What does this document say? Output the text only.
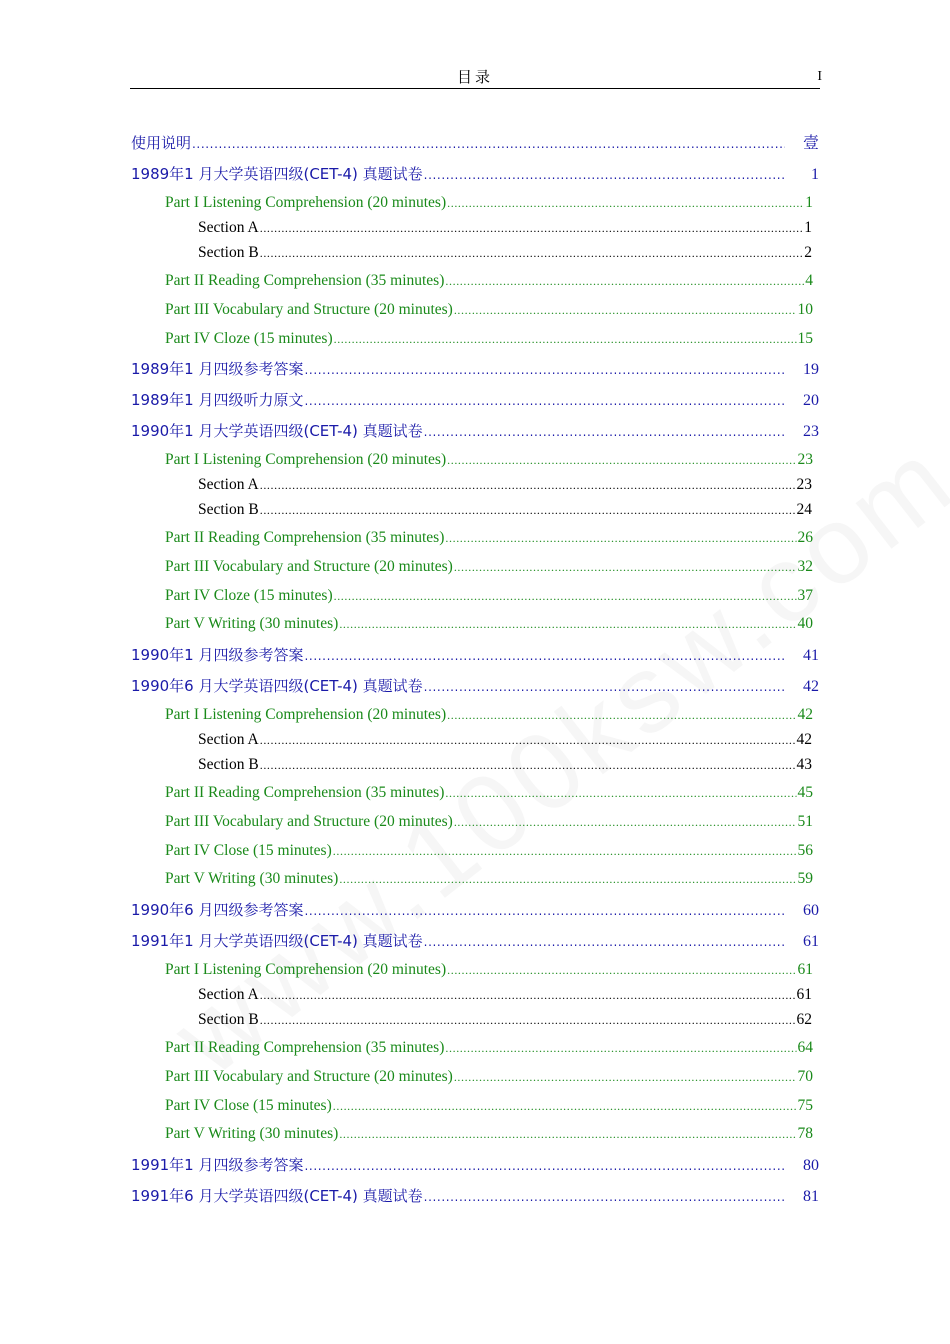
目录	I
使用说明 .....	壹
1989年1 月大学英语四级(CET-4) 真题试卷 .....	1
Part I Listening Comprehension (20 minutes) .....	1
Section A .....	1
Section B .....	2
Part II Reading Comprehension (35 minutes) .....	4
Part III Vocabulary and Structure (20 minutes) .....	10
Part IV Cloze (15 minutes) .....	15
1989年1 月四级参考答案 .....	19
1989年1 月四级听力原文 .....	20
1990年1 月大学英语四级(CET-4) 真题试卷 .....	23
Part I Listening Comprehension (20 minutes) .....	23
Section A .....	23
Section B .....	24
Part II Reading Comprehension (35 minutes) .....	26
Part III Vocabulary and Structure (20 minutes) .....	32
Part IV Cloze (15 minutes) .....	37
Part V Writing (30 minutes) .....	40
1990年1 月四级参考答案 .....	41
1990年6 月大学英语四级(CET-4) 真题试卷 .....	42
Part I Listening Comprehension (20 minutes) .....	42
Section A .....	42
Section B .....	43
Part II Reading Comprehension (35 minutes) .....	45
Part III Vocabulary and Structure (20 minutes) .....	51
Part IV Close (15 minutes) .....	56
Part V Writing (30 minutes) .....	59
1990年6 月四级参考答案 .....	60
1991年1 月大学英语四级(CET-4) 真题试卷 .....	61
Part I Listening Comprehension (20 minutes) .....	61
Section A .....	61
Section B .....	62
Part II Reading Comprehension (35 minutes) .....	64
Part III Vocabulary and Structure (20 minutes) .....	70
Part IV Close (15 minutes) .....	75
Part V Writing (30 minutes) .....	78
1991年1 月四级参考答案 .....	80
1991年6 月大学英语四级(CET-4) 真题试卷 .....	81
